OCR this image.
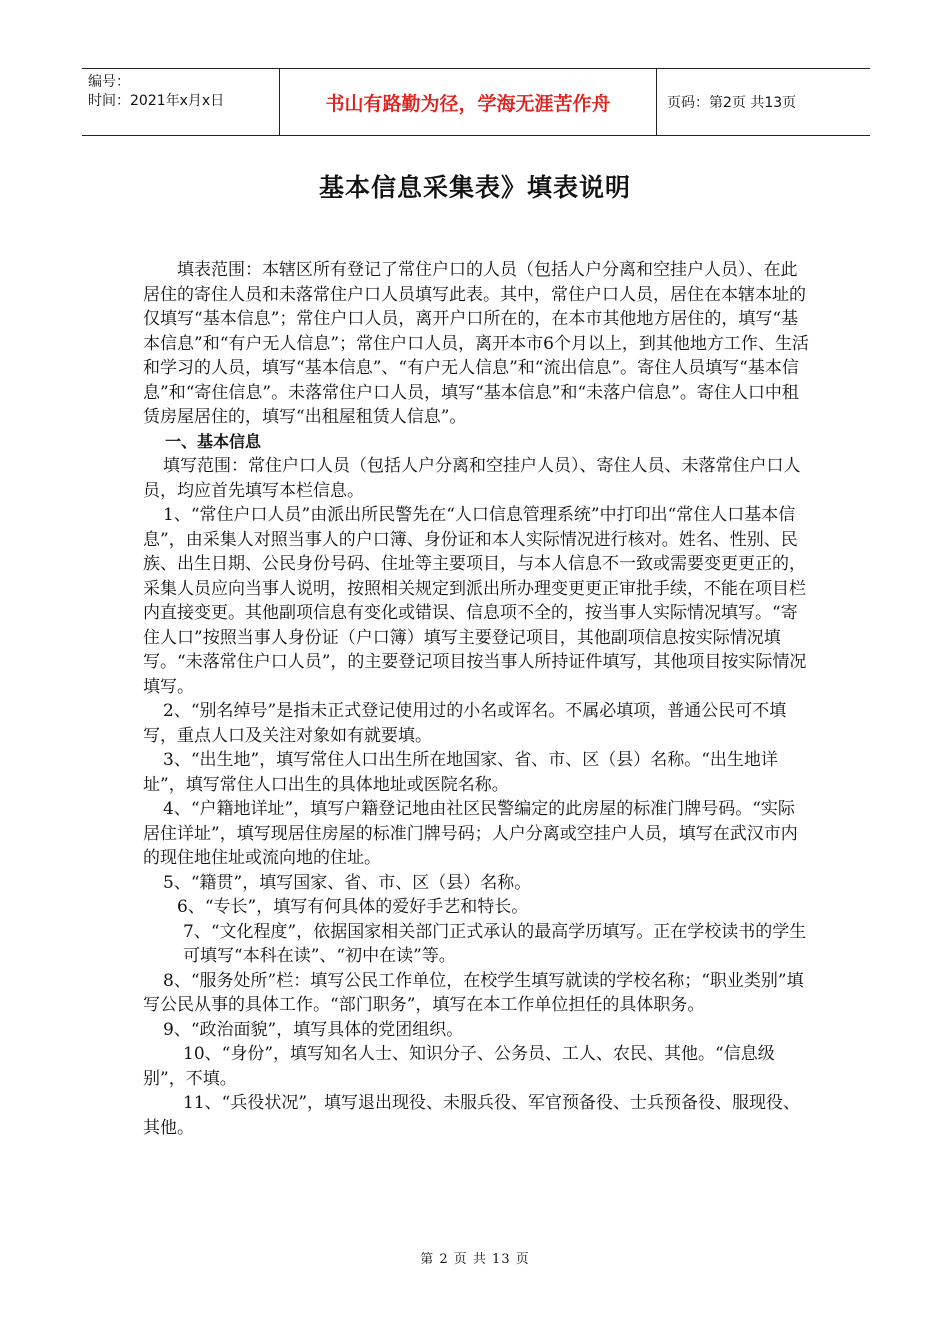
编号：
时间：2021年x月x日	书山有路勤为径，学海无涯苦作舟	页码：第2页 共13页
基本信息采集表》填表说明

填表范围：本辖区所有登记了常住户口的人员（包括人户分离和空挂户人员）、在此居住的寄住人员和未落常住户口人员填写此表。其中，常住户口人员，居住在本辖本址的仅填写“基本信息”；常住户口人员，离开户口所在的，在本市其他地方居住的，填写“基本信息”和“有户无人信息”；常住户口人员，离开本市6个月以上，到其他地方工作、生活和学习的人员，填写“基本信息”、“有户无人信息”和“流出信息”。寄住人员填写“基本信息”和“寄住信息”。未落常住户口人员，填写“基本信息”和“未落户信息”。寄住人口中租赁房屋居住的，填写“出租屋租赁人信息”。

一、基本信息

填写范围：常住户口人员（包括人户分离和空挂户人员）、寄住人员、未落常住户口人员，均应首先填写本栏信息。

1、“常住户口人员”由派出所民警先在“人口信息管理系统”中打印出“常住人口基本信息”，由采集人对照当事人的户口簿、身份证和本人实际情况进行核对。姓名、性别、民族、出生日期、公民身份号码、住址等主要项目，与本人信息不一致或需要变更更正的，采集人员应向当事人说明，按照相关规定到派出所办理变更更正审批手续，不能在项目栏内直接变更。其他副项信息有变化或错误、信息项不全的，按当事人实际情况填写。“寄住人口”按照当事人身份证（户口簿）填写主要登记项目，其他副项信息按实际情况填写。“未落常住户口人员”，的主要登记项目按当事人所持证件填写，其他项目按实际情况填写。

2、“别名绰号”是指未正式登记使用过的小名或诨名。不属必填项，普通公民可不填写，重点人口及关注对象如有就要填。

3、“出生地”，填写常住人口出生所在地国家、省、市、区（县）名称。“出生地详址”，填写常住人口出生的具体地址或医院名称。

4、“户籍地详址”，填写户籍登记地由社区民警编定的此房屋的标准门牌号码。“实际居住详址”，填写现居住房屋的标准门牌号码；人户分离或空挂户人员，填写在武汉市内的现住地住址或流向地的住址。

5、“籍贯”，填写国家、省、市、区（县）名称。

6、“专长”，填写有何具体的爱好手艺和特长。

7、“文化程度”，依据国家相关部门正式承认的最高学历填写。正在学校读书的学生可填写“本科在读”、“初中在读”等。

8、“服务处所”栏：填写公民工作单位，在校学生填写就读的学校名称；“职业类别”填写公民从事的具体工作。“部门职务”，填写在本工作单位担任的具体职务。

9、“政治面貌”，填写具体的党团组织。

10、“身份”，填写知名人士、知识分子、公务员、工人、农民、其他。“信息级别”，不填。

11、“兵役状况”，填写退出现役、未服兵役、军官预备役、士兵预备役、服现役、其他。

第 2 页 共 13 页
